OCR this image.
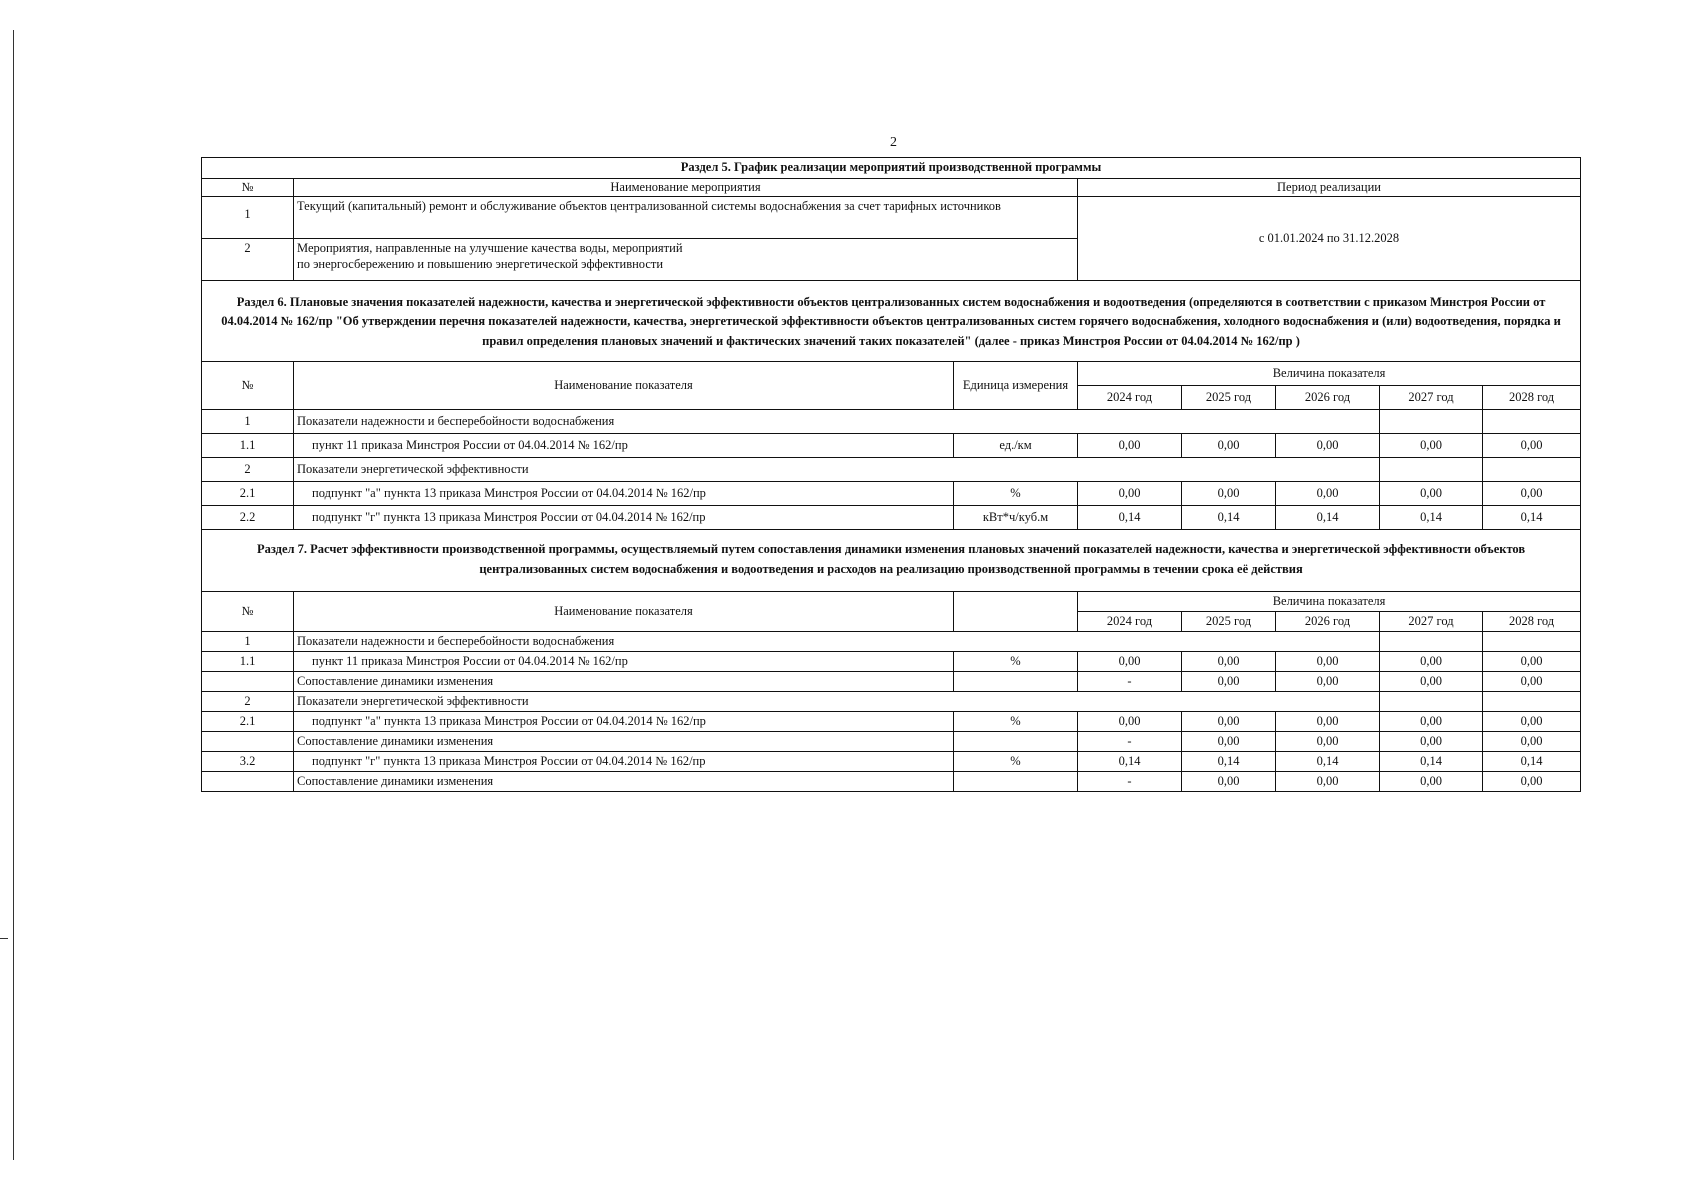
2
Раздел 5. График реализации мероприятий производственной программы		
№	Наименование мероприятия	Период реализации
1	Текущий (капитальный) ремонт и обслуживание объектов централизованной системы водоснабжения за счет тарифных источников	с 01.01.2024 по 31.12.2028
2	Мероприятия, направленные на улучшение качества воды, мероприятий
по энергосбережению и повышению энергетической эффективности	
Раздел 6. Плановые значения показателей надежности, качества и энергетической эффективности объектов централизованных систем водоснабжения и водоотведения (определяются в соответствии с приказом Минстроя России от 04.04.2014 № 162/пр "Об утверждении перечня показателей надежности, качества, энергетической эффективности объектов централизованных систем горячего водоснабжения, холодного водоснабжения и (или) водоотведения, порядка и правил определения плановых значений и фактических значений таких показателей" (далее - приказ Минстроя России от 04.04.2014 № 162/пр )							
№	Наименование показателя	Единица измерения	Величина показателя				
			2024 год	2025 год	2026 год	2027 год	2028 год
1	Показатели надежности и бесперебойности водоснабжения						
1.1	пункт 11 приказа Минстроя России от 04.04.2014 № 162/пр	ед./км	0,00	0,00	0,00	0,00	0,00
2	Показатели энергетической эффективности						
2.1	подпункт "а" пункта 13 приказа Минстроя России от 04.04.2014 № 162/пр	%	0,00	0,00	0,00	0,00	0,00
2.2	подпункт "г" пункта 13 приказа Минстроя России от 04.04.2014 № 162/пр	кВт*ч/куб.м	0,14	0,14	0,14	0,14	0,14
Раздел 7. Расчет эффективности производственной программы, осуществляемый путем сопоставления динамики изменения плановых значений показателей надежности, качества и энергетической эффективности объектов централизованных систем водоснабжения и водоотведения и расходов на реализацию производственной программы в течении срока её действия							
№	Наименование показателя		Величина показателя				
			2024 год	2025 год	2026 год	2027 год	2028 год
1	Показатели надежности и бесперебойности водоснабжения						
1.1	пункт 11 приказа Минстроя России от 04.04.2014 № 162/пр	%	0,00	0,00	0,00	0,00	0,00
	Сопоставление динамики изменения		-	0,00	0,00	0,00	0,00
2	Показатели энергетической эффективности						
2.1	подпункт "а" пункта 13 приказа Минстроя России от 04.04.2014 № 162/пр	%	0,00	0,00	0,00	0,00	0,00
	Сопоставление динамики изменения		-	0,00	0,00	0,00	0,00
3.2	подпункт "г" пункта 13 приказа Минстроя России от 04.04.2014 № 162/пр	%	0,14	0,14	0,14	0,14	0,14
	Сопоставление динамики изменения		-	0,00	0,00	0,00	0,00
